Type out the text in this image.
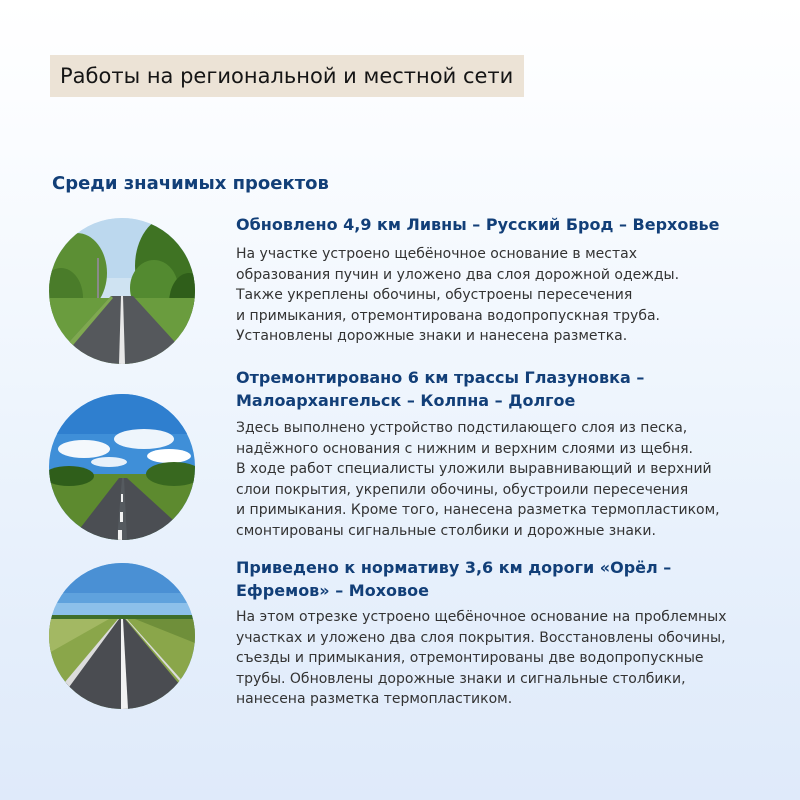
Работы на региональной и местной сети
Среди значимых проектов
Обновлено 4,9 км Ливны – Русский Брод – Верховье
На участке устроено щебёночное основание в местах
образования пучин и уложено два слоя дорожной одежды.
Также укреплены обочины, обустроены пересечения
и примыкания, отремонтирована водопропускная труба.
Установлены дорожные знаки и нанесена разметка.
Отремонтировано 6 км трассы Глазуновка –
Малоархангельск – Колпна – Долгое
Здесь выполнено устройство подстилающего слоя из песка,
надёжного основания с нижним и верхним слоями из щебня.
В ходе работ специалисты уложили выравнивающий и верхний
слои покрытия, укрепили обочины, обустроили пересечения
и примыкания. Кроме того, нанесена разметка термопластиком,
смонтированы сигнальные столбики и дорожные знаки.
Приведено к нормативу 3,6 км дороги «Орёл –
Ефремов» – Моховое
На этом отрезке устроено щебёночное основание на проблемных
участках и уложено два слоя покрытия. Восстановлены обочины,
съезды и примыкания, отремонтированы две водопропускные
трубы. Обновлены дорожные знаки и сигнальные столбики,
нанесена разметка термопластиком.
